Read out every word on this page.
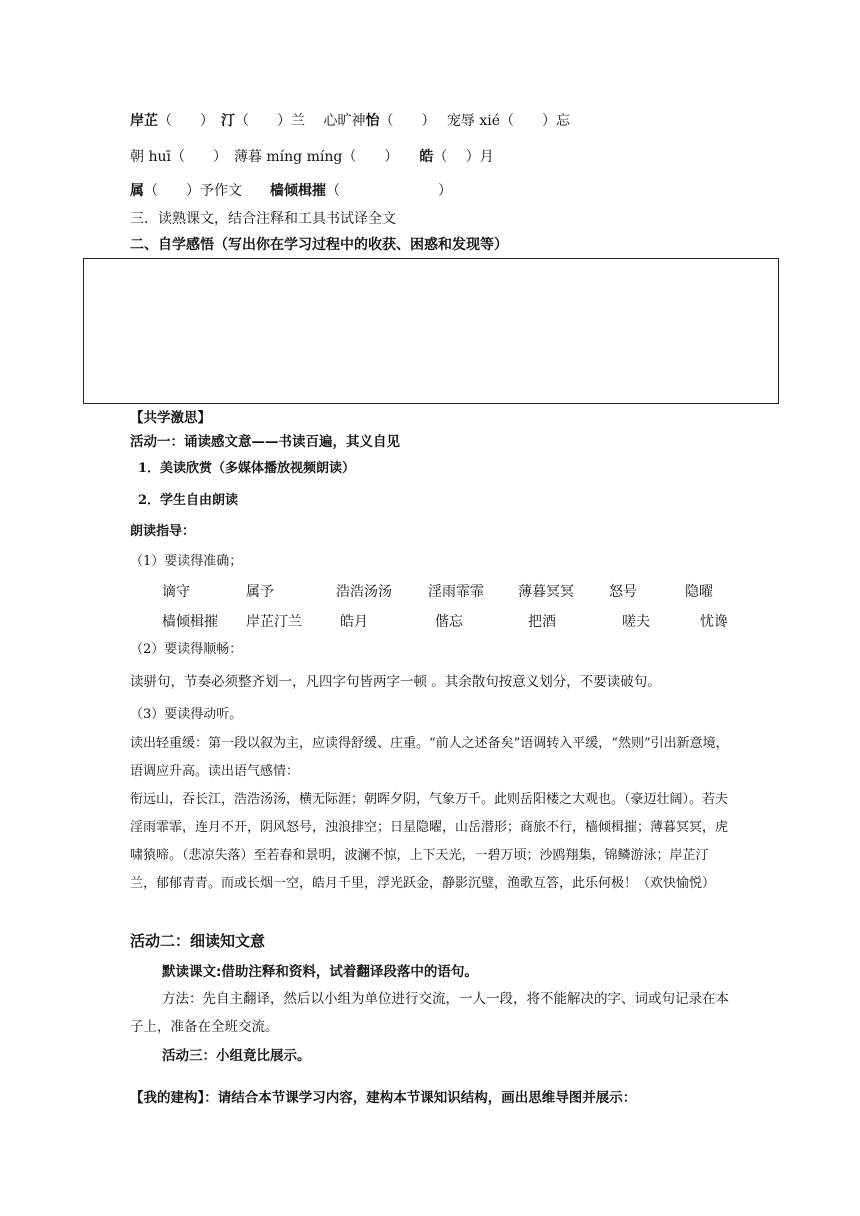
岸芷（　　）　汀（　　）兰　 心旷神怡（　　）　 宠辱 xié（　　）忘
朝 huī（　　）　薄暮 míng míng（　　）　　皓（　 ）月
属（　　）予作文　　樯倾楫摧（　　　　　　　）
三．读熟课文，结合注释和工具书试译全文
二、自学感悟（写出你在学习过程中的收获、困惑和发现等）
【共学激思】
活动一：诵读感文意——书读百遍，其义自见
1．美读欣赏（多媒体播放视频朗读）
2．学生自由朗读
朗读指导：
（1）要读得准确；
谪守	属予	浩浩汤汤	淫雨霏霏 薄暮冥冥	怒号	隐曜
樯倾楫摧 岸芷汀兰	皓月	偕忘	把酒	嗟夫	忧谗
（2）要读得顺畅：
读骈句，节奏必须整齐划一，凡四字句皆两字一顿 。其余散句按意义划分，不要读破句。
（3）要读得动听。
读出轻重缓：第一段以叙为主，应读得舒缓、庄重。“前人之述备矣”语调转入平缓，“然则”引出新意境，语调应升高。读出语气感情：
衔远山，吞长江，浩浩汤汤，横无际涯；朝晖夕阴，气象万千。此则岳阳楼之大观也。（豪迈壮阔）。若夫淫雨霏霏，连月不开，阴风怒号，浊浪排空；日星隐曜，山岳潜形；商旅不行，樯倾楫摧；薄暮冥冥，虎啸猿啼。（悲凉失落）至若春和景明，波澜不惊，上下天光，一碧万顷；沙鸥翔集，锦鳞游泳；岸芷汀兰，郁郁青青。而或长烟一空，皓月千里，浮光跃金，静影沉璧，渔歌互答，此乐何极！（欢快愉悦）
活动二：细读知文意
默读课文:借助注释和资料，试着翻译段落中的语句。
方法：先自主翻译，然后以小组为单位进行交流，一人一段，将不能解决的字、词或句记录在本子上，准备在全班交流。
活动三：小组竟比展示。
【我的建构】：请结合本节课学习内容，建构本节课知识结构，画出思维导图并展示：
